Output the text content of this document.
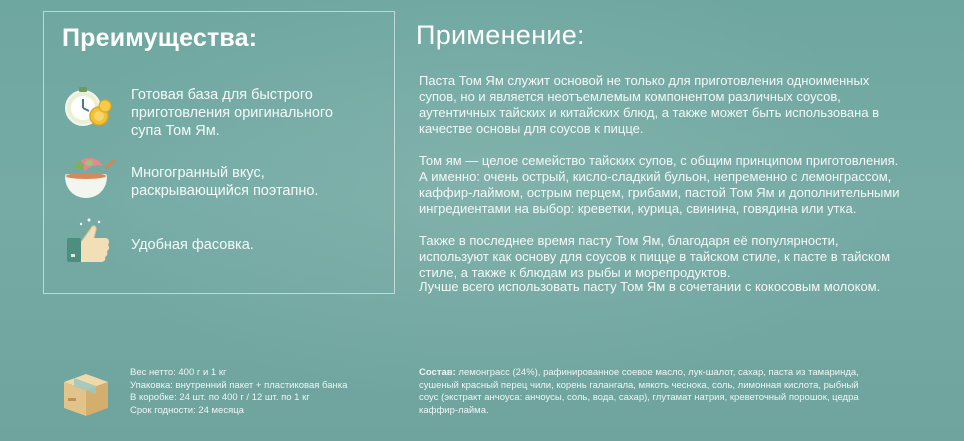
Преимущества:
Готовая база для быстрого приготовления оригинального супа Том Ям.
Многогранный вкус, раскрывающийся поэтапно.
Удобная фасовка.
Применение:
Паста Том Ям служит основой не только для приготовления одноименных супов, но и является неотъемлемым компонентом различных соусов, аутентичных тайских и китайских блюд, а также может быть использована в качестве основы для соусов к пицце.
Том ям — целое семейство тайских супов, с общим принципом приготовления. А именно: очень острый, кисло-сладкий бульон, непременно с лемонграссом, каффир-лаймом, острым перцем, грибами, пастой Том Ям и дополнительными ингредиентами на выбор: креветки, курица, свинина, говядина или утка.
Также в последнее время пасту Том Ям, благодаря её популярности, используют как основу для соусов к пицце в тайском стиле, к пасте в тайском стиле, а также к блюдам из рыбы и морепродуктов.
Лучше всего использовать пасту Том Ям в сочетании с кокосовым молоком.
Вес нетто: 400 г и 1 кг
Упаковка: внутренний пакет + пластиковая банка
В коробке: 24 шт. по 400 г / 12 шт. по 1 кг
Срок годности: 24 месяца
Состав: лемонграсс (24%), рафинированное соевое масло, лук-шалот, сахар, паста из тамаринда, сушеный красный перец чили, корень галангала, мякоть чеснока, соль, лимонная кислота, рыбный соус (экстракт анчоуса: анчоусы, соль, вода, сахар), глутамат натрия, креветочный порошок, цедра каффир-лайма.
